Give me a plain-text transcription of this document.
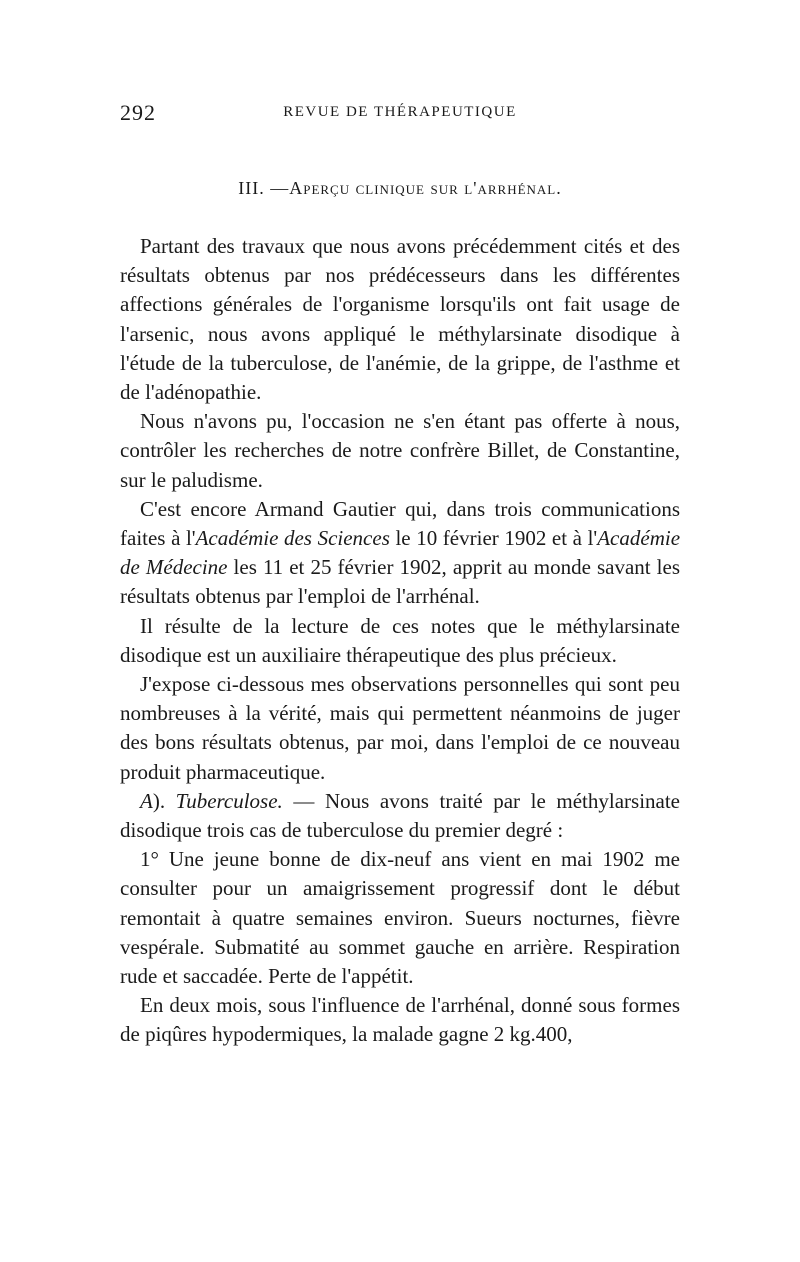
292	REVUE DE THÉRAPEUTIQUE
III. —Aperçu clinique sur l'arrhénal.

Partant des travaux que nous avons précédemment cités et des résultats obtenus par nos prédécesseurs dans les différentes affections générales de l'organisme lorsqu'ils ont fait usage de l'arsenic, nous avons appliqué le méthylarsinate disodique à l'étude de la tuberculose, de l'anémie, de la grippe, de l'asthme et de l'adénopathie.

Nous n'avons pu, l'occasion ne s'en étant pas offerte à nous, contrôler les recherches de notre confrère Billet, de Constantine, sur le paludisme.

C'est encore Armand Gautier qui, dans trois communications faites à l'Académie des Sciences le 10 février 1902 et à l'Académie de Médecine les 11 et 25 février 1902, apprit au monde savant les résultats obtenus par l'emploi de l'arrhénal.

Il résulte de la lecture de ces notes que le méthylarsinate disodique est un auxiliaire thérapeutique des plus précieux.

J'expose ci-dessous mes observations personnelles qui sont peu nombreuses à la vérité, mais qui permettent néanmoins de juger des bons résultats obtenus, par moi, dans l'emploi de ce nouveau produit pharmaceutique.

A). Tuberculose. — Nous avons traité par le méthylarsinate disodique trois cas de tuberculose du premier degré :

1° Une jeune bonne de dix-neuf ans vient en mai 1902 me consulter pour un amaigrissement progressif dont le début remontait à quatre semaines environ. Sueurs nocturnes, fièvre vespérale. Submatité au sommet gauche en arrière. Respiration rude et saccadée. Perte de l'appétit.

En deux mois, sous l'influence de l'arrhénal, donné sous formes de piqûres hypodermiques, la malade gagne 2 kg.400,
